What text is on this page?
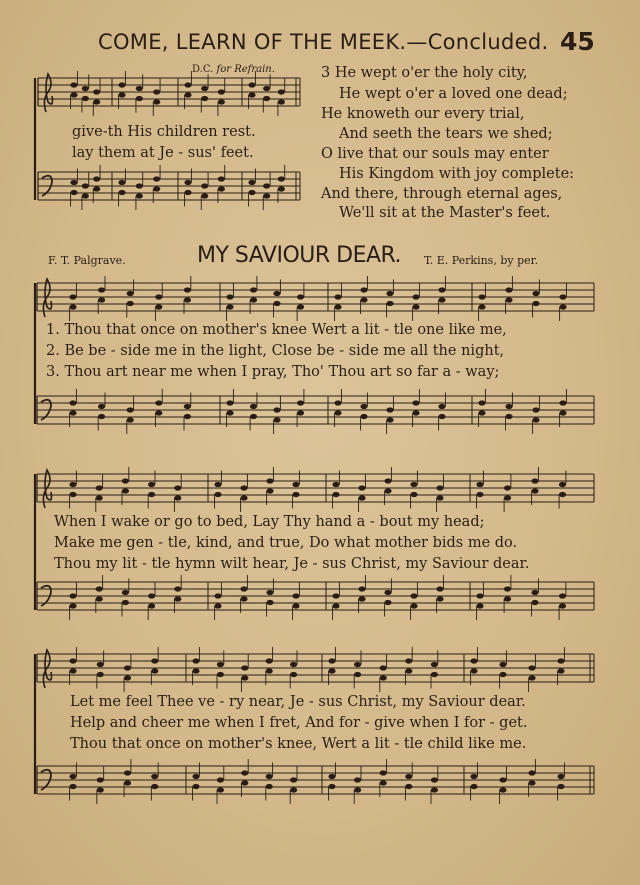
COME, LEARN OF THE MEEK.—Concluded. 45
D.C. for Refrain.
give-th His children rest.
lay them at Je - sus' feet.
3 He wept o'er the holy city,
He wept o'er a loved one dead;
He knoweth our every trial,
And seeth the tears we shed;
O live that our souls may enter
His Kingdom with joy complete:
And there, through eternal ages,
We'll sit at the Master's feet.
F. T. Palgrave.	MY SAVIOUR DEAR. T. E. Perkins, by per.
1. Thou that once on mother's knee Wert a lit - tle one like me,
2. Be be - side me in the light, Close be - side me all the night,
3. Thou art near me when I pray, Tho' Thou art so far a - way;
When I wake or go to bed, Lay Thy hand a - bout my head;
Make me gen - tle, kind, and true, Do what mother bids me do.
Thou my lit - tle hymn wilt hear, Je - sus Christ, my Saviour dear.
Let me feel Thee ve - ry near, Je - sus Christ, my Saviour dear.
Help and cheer me when I fret, And for - give when I for - get.
Thou that once on mother's knee, Wert a lit - tle child like me.
